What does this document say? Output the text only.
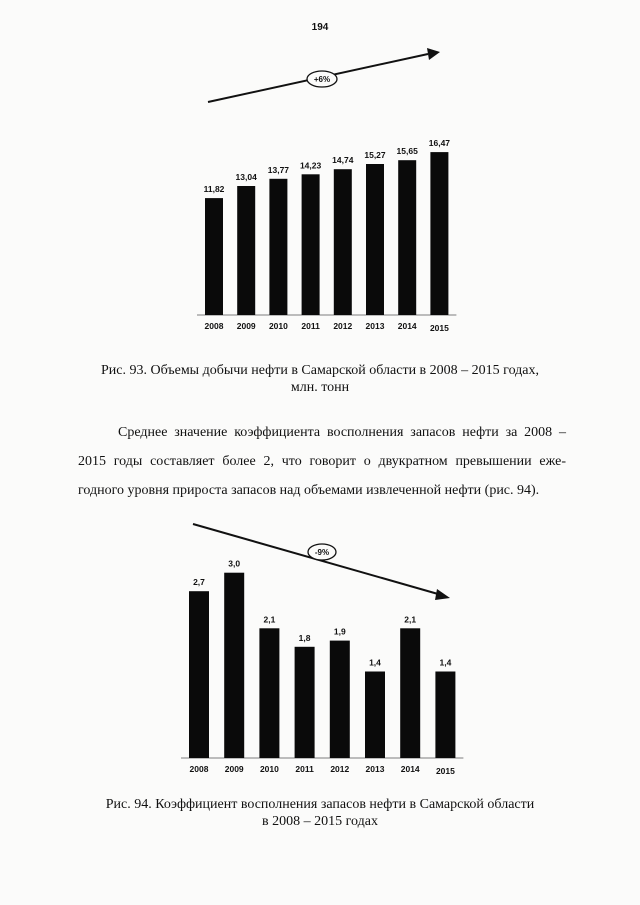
194
+6%
11,82
2008
13,04
2009
13,77
2010
14,23
2011
14,74
2012
15,27
2013
15,65
2014
16,47
2015
Рис. 93. Объемы добычи нефти в Самарской области в 2008 – 2015 годах,
млн. тонн
Среднее значение коэффициента восполнения запасов нефти за 2008 –
2015 годы составляет более 2, что говорит о двукратном превышении еже-
годного уровня прироста запасов над объемами извлеченной нефти (рис. 94).
-9%
2,7
2008
3,0
2009
2,1
2010
1,8
2011
1,9
2012
1,4
2013
2,1
2014
1,4
2015
Рис. 94. Коэффициент восполнения запасов нефти в Самарской области
в 2008 – 2015 годах
